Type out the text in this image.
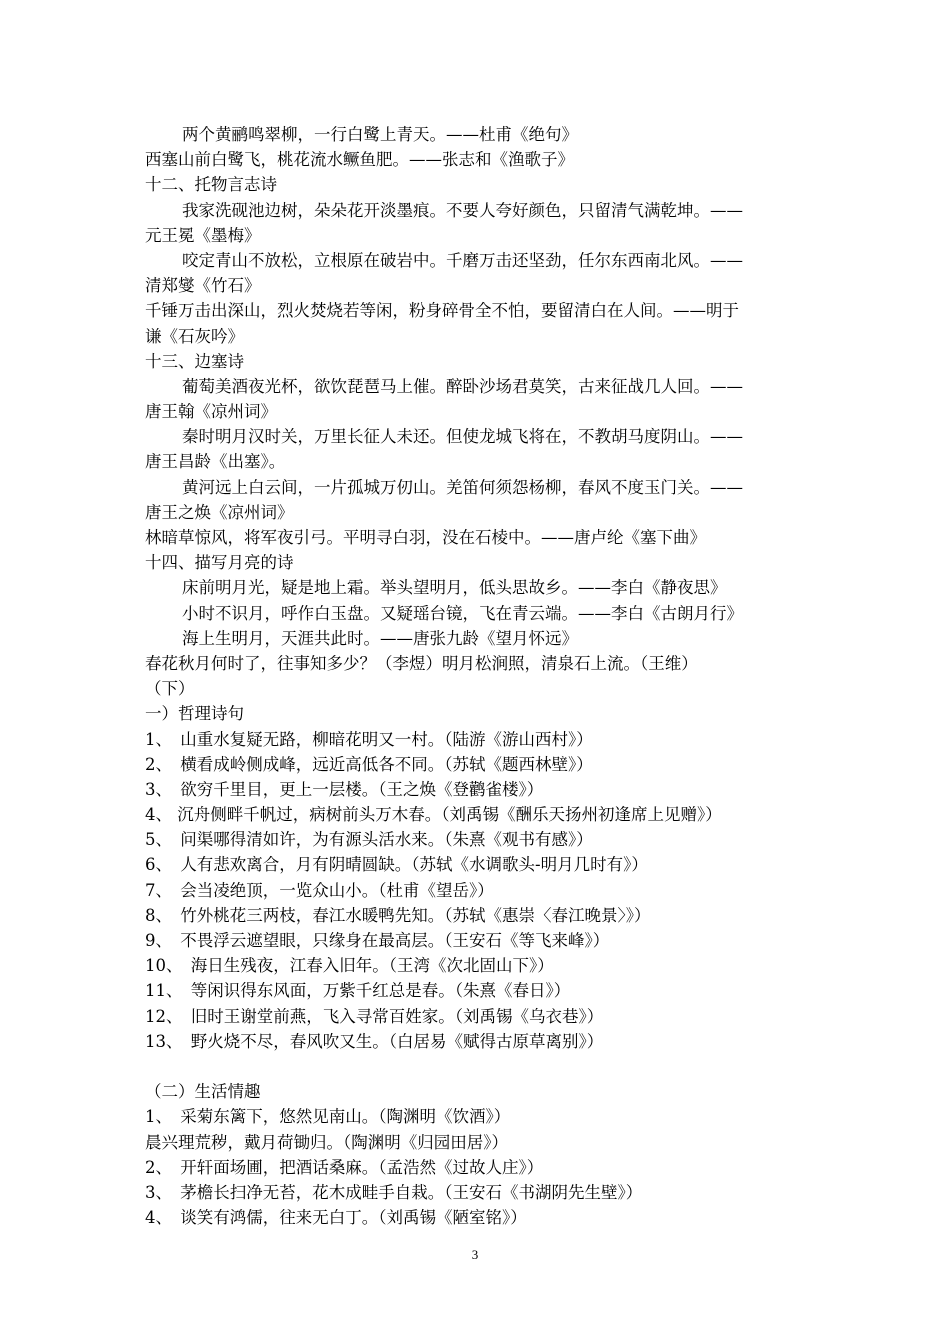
两个黄鹂鸣翠柳，一行白鹭上青天。——杜甫《绝句》
西塞山前白鹭飞，桃花流水鳜鱼肥。——张志和《渔歌子》
十二、托物言志诗
我家洗砚池边树，朵朵花开淡墨痕。不要人夸好颜色，只留清气满乾坤。——
元王冕《墨梅》
咬定青山不放松，立根原在破岩中。千磨万击还坚劲，任尔东西南北风。——
清郑燮《竹石》
千锤万击出深山，烈火焚烧若等闲，粉身碎骨全不怕，要留清白在人间。——明于
谦《石灰吟》
十三、边塞诗
葡萄美酒夜光杯，欲饮琵琶马上催。醉卧沙场君莫笑，古来征战几人回。——
唐王翰《凉州词》
秦时明月汉时关，万里长征人未还。但使龙城飞将在，不教胡马度阴山。——
唐王昌龄《出塞》。
黄河远上白云间，一片孤城万仞山。羌笛何须怨杨柳，春风不度玉门关。——
唐王之焕《凉州词》
林暗草惊风，将军夜引弓。平明寻白羽，没在石棱中。——唐卢纶《塞下曲》
十四、描写月亮的诗
床前明月光，疑是地上霜。举头望明月，低头思故乡。——李白《静夜思》
小时不识月，呼作白玉盘。又疑瑶台镜，飞在青云端。——李白《古朗月行》
海上生明月，天涯共此时。——唐张九龄《望月怀远》
春花秋月何时了，往事知多少？（李煜）明月松涧照，清泉石上流。（王维）
（下）
一）哲理诗句
1、　山重水复疑无路，柳暗花明又一村。（陆游《游山西村》）
2、　横看成岭侧成峰，远近高低各不同。（苏轼《题西林壁》）
3、　欲穷千里目，更上一层楼。（王之焕《登鹳雀楼》）
4、 沉舟侧畔千帆过，病树前头万木春。（刘禹锡《酬乐天扬州初逢席上见赠》）
5、　问渠哪得清如许，为有源头活水来。（朱熹《观书有感》）
6、　人有悲欢离合，月有阴晴圆缺。（苏轼《水调歌头-明月几时有》）
7、　会当凌绝顶，一览众山小。（杜甫《望岳》）
8、　竹外桃花三两枝，春江水暖鸭先知。（苏轼《惠崇〈春江晚景〉》）
9、　不畏浮云遮望眼，只缘身在最高层。（王安石《等飞来峰》）
10、　海日生残夜，江春入旧年。（王湾《次北固山下》）
11、　等闲识得东风面，万紫千红总是春。（朱熹《春日》）
12、　旧时王谢堂前燕，飞入寻常百姓家。（刘禹锡《乌衣巷》）
13、　野火烧不尽，春风吹又生。（白居易《赋得古原草离别》）
（二）生活情趣
1、　采菊东篱下，悠然见南山。（陶渊明《饮酒》）
晨兴理荒秽，戴月荷锄归。（陶渊明《归园田居》）
2、　开轩面场圃，把酒话桑麻。（孟浩然《过故人庄》）
3、　茅檐长扫净无苔，花木成畦手自栽。（王安石《书湖阴先生壁》）
4、　谈笑有鸿儒，往来无白丁。（刘禹锡《陋室铭》）
3
